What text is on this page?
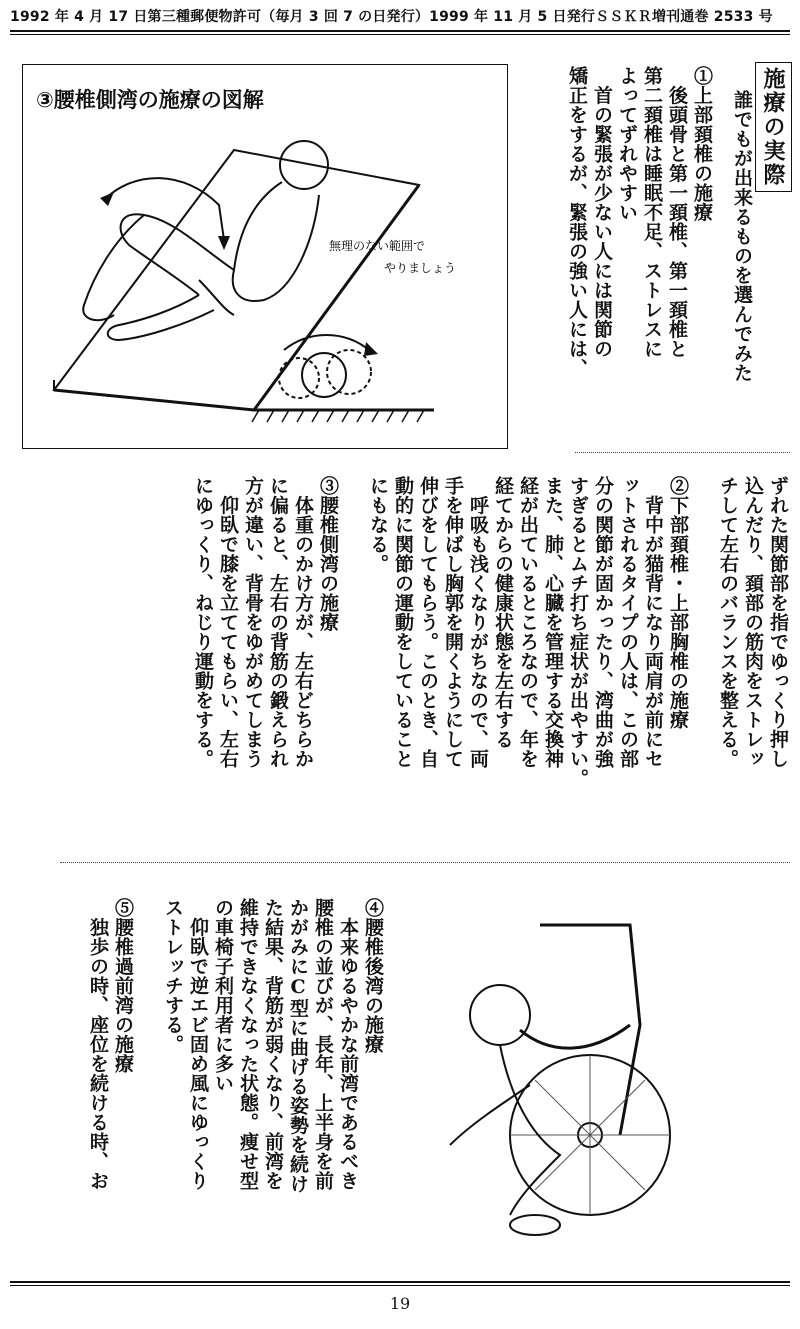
1992 年 4 月 17 日第三種郵便物許可（毎月 3 回 7 の日発行）1999 年 11 月 5 日発行ＳＳＫＲ増刊通巻 2533 号
③腰椎側湾の施療の図解
無理のない範囲で
やりましょう
施療の実際
誰でもが出来るものを選んでみた
①上部頚椎の施療
　後頭骨と第一頚椎、第一頚椎と
第二頚椎は睡眠不足、ストレスに
よってずれやすい
　首の緊張が少ない人には関節の
矯正をするが、緊張の強い人には、
ずれた関節部を指でゆっくり押し
込んだり、頚部の筋肉をストレッ
チして左右のバランスを整える。
②下部頚椎・上部胸椎の施療
　背中が猫背になり両肩が前にセ
ットされるタイプの人は、この部
分の関節が固かったり、湾曲が強
すぎるとムチ打ち症状が出やすい。
また、肺、心臓を管理する交換神
経が出ているところなので、年を
経てからの健康状態を左右する
　呼吸も浅くなりがちなので、両
手を伸ばし胸郭を開くようにして
伸びをしてもらう。このとき、自
動的に関節の運動をしていること
にもなる。
③腰椎側湾の施療
　体重のかけ方が、左右どちらか
に偏ると、左右の背筋の鍛えられ
方が違い、背骨をゆがめてしまう
　仰臥で膝を立ててもらい、左右
にゆっくり、ねじり運動をする。
④腰椎後湾の施療
　本来ゆるやかな前湾であるべき
腰椎の並びが、長年、上半身を前
かがみにC型に曲げる姿勢を続け
た結果、背筋が弱くなり、前湾を
維持できなくなった状態。痩せ型
の車椅子利用者に多い
　仰臥で逆エビ固め風にゆっくり
ストレッチする。
⑤腰椎過前湾の施療
　独歩の時、座位を続ける時、お
19
